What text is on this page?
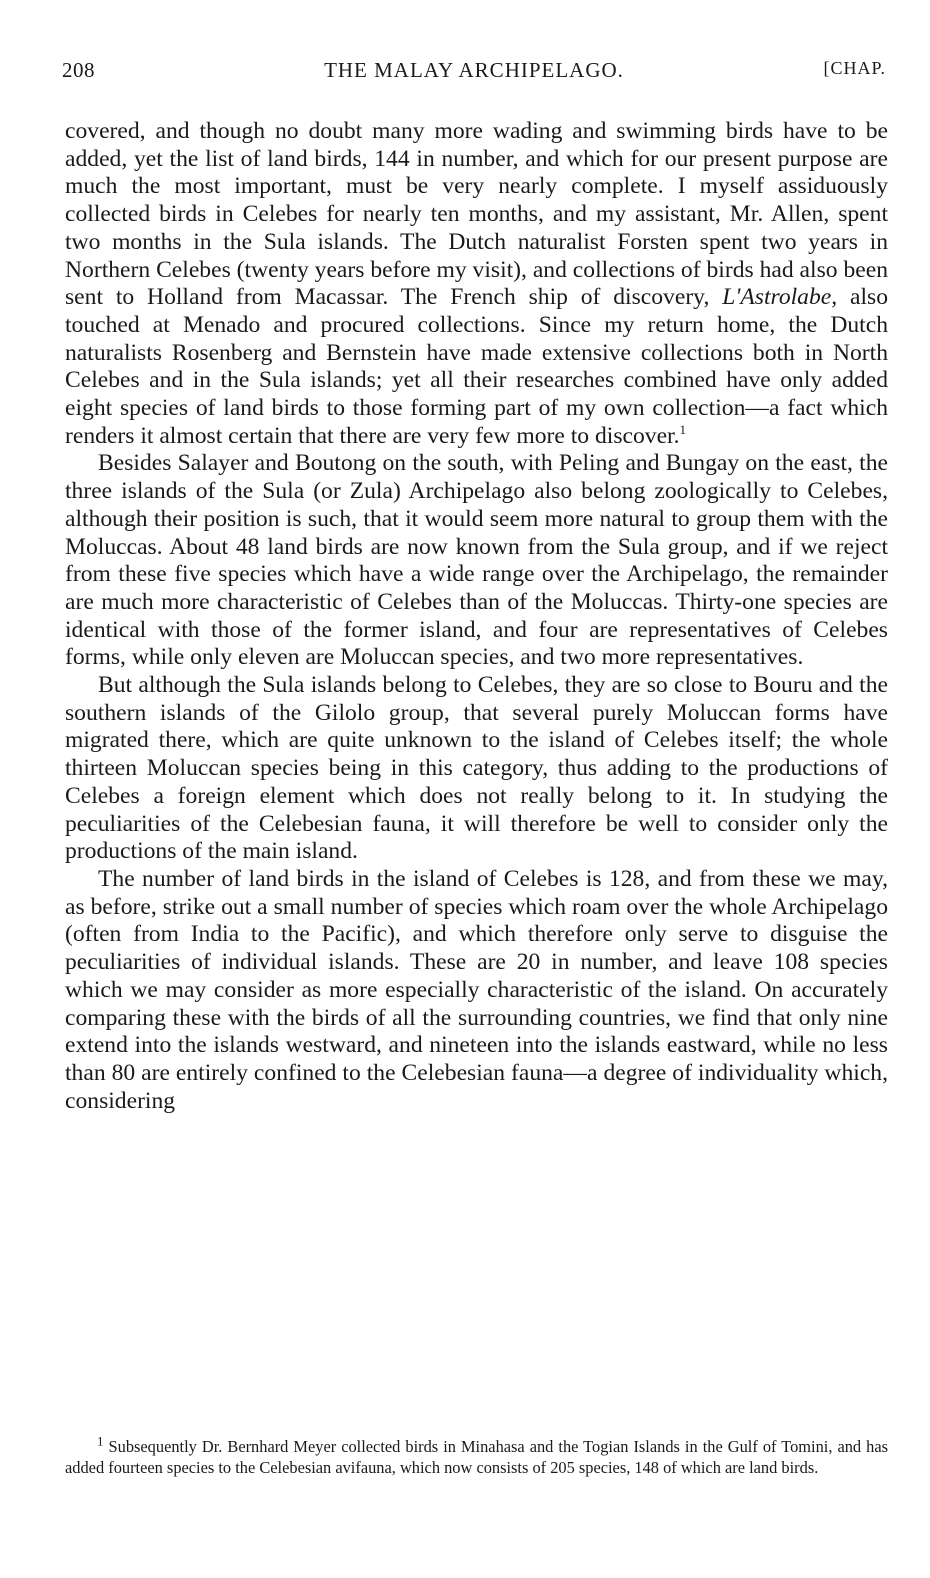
208	THE MALAY ARCHIPELAGO.	[CHAP.

covered, and though no doubt many more wading and swimming birds have to be added, yet the list of land birds, 144 in number, and which for our present purpose are much the most important, must be very nearly complete. I myself assiduously collected birds in Celebes for nearly ten months, and my assistant, Mr. Allen, spent two months in the Sula islands. The Dutch naturalist Forsten spent two years in Northern Celebes (twenty years before my visit), and collections of birds had also been sent to Holland from Macassar. The French ship of discovery, L'Astrolabe, also touched at Menado and procured collections. Since my return home, the Dutch naturalists Rosenberg and Bernstein have made extensive collections both in North Celebes and in the Sula islands; yet all their researches combined have only added eight species of land birds to those forming part of my own collection—a fact which renders it almost certain that there are very few more to discover.$^1$

Besides Salayer and Boutong on the south, with Peling and Bungay on the east, the three islands of the Sula (or Zula) Archipelago also belong zoologically to Celebes, although their position is such, that it would seem more natural to group them with the Moluccas. About 48 land birds are now known from the Sula group, and if we reject from these five species which have a wide range over the Archipelago, the remainder are much more characteristic of Celebes than of the Moluccas. Thirty-one species are identical with those of the former island, and four are representatives of Celebes forms, while only eleven are Moluccan species, and two more representatives.

But although the Sula islands belong to Celebes, they are so close to Bouru and the southern islands of the Gilolo group, that several purely Moluccan forms have migrated there, which are quite unknown to the island of Celebes itself; the whole thirteen Moluccan species being in this category, thus adding to the productions of Celebes a foreign element which does not really belong to it. In studying the peculiarities of the Celebesian fauna, it will therefore be well to consider only the productions of the main island.

The number of land birds in the island of Celebes is 128, and from these we may, as before, strike out a small number of species which roam over the whole Archipelago (often from India to the Pacific), and which therefore only serve to disguise the peculiarities of individual islands. These are 20 in number, and leave 108 species which we may consider as more especially characteristic of the island. On accurately comparing these with the birds of all the surrounding countries, we find that only nine extend into the islands westward, and nineteen into the islands eastward, while no less than 80 are entirely confined to the Celebesian fauna—a degree of individuality which, considering

$^1$ Subsequently Dr. Bernhard Meyer collected birds in Minahasa and the Togian Islands in the Gulf of Tomini, and has added fourteen species to the Celebesian avifauna, which now consists of 205 species, 148 of which are land birds.
